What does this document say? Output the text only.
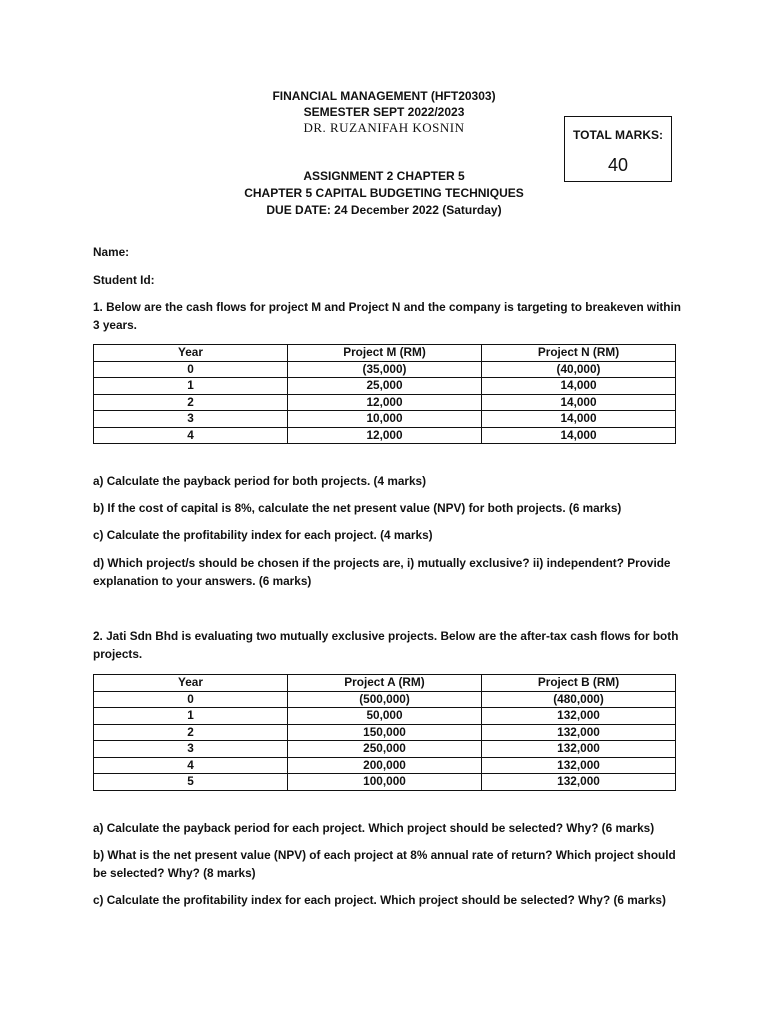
FINANCIAL MANAGEMENT (HFT20303)
SEMESTER SEPT 2022/2023
DR. RUZANIFAH KOSNIN	TOTAL MARKS:
40
ASSIGNMENT 2 CHAPTER 5
CHAPTER 5 CAPITAL BUDGETING TECHNIQUES
DUE DATE: 24 December 2022 (Saturday)
Name:
Student Id:
1. Below are the cash flows for project M and Project N and the company is targeting to breakeven within 3 years.
Year	Project M (RM)	Project N (RM)
0	(35,000)	(40,000)
1	25,000	14,000
2	12,000	14,000
3	10,000	14,000
4	12,000	14,000
a) Calculate the payback period for both projects. (4 marks)
b) If the cost of capital is 8%, calculate the net present value (NPV) for both projects. (6 marks)
c) Calculate the profitability index for each project. (4 marks)
d) Which project/s should be chosen if the projects are, i) mutually exclusive? ii) independent? Provide explanation to your answers. (6 marks)
2. Jati Sdn Bhd is evaluating two mutually exclusive projects. Below are the after-tax cash flows for both projects.
Year	Project A (RM)	Project B (RM)
0	(500,000)	(480,000)
1	50,000	132,000
2	150,000	132,000
3	250,000	132,000
4	200,000	132,000
5	100,000	132,000
a) Calculate the payback period for each project. Which project should be selected? Why? (6 marks)
b) What is the net present value (NPV) of each project at 8% annual rate of return? Which project should be selected? Why? (8 marks)
c) Calculate the profitability index for each project. Which project should be selected? Why? (6 marks)
